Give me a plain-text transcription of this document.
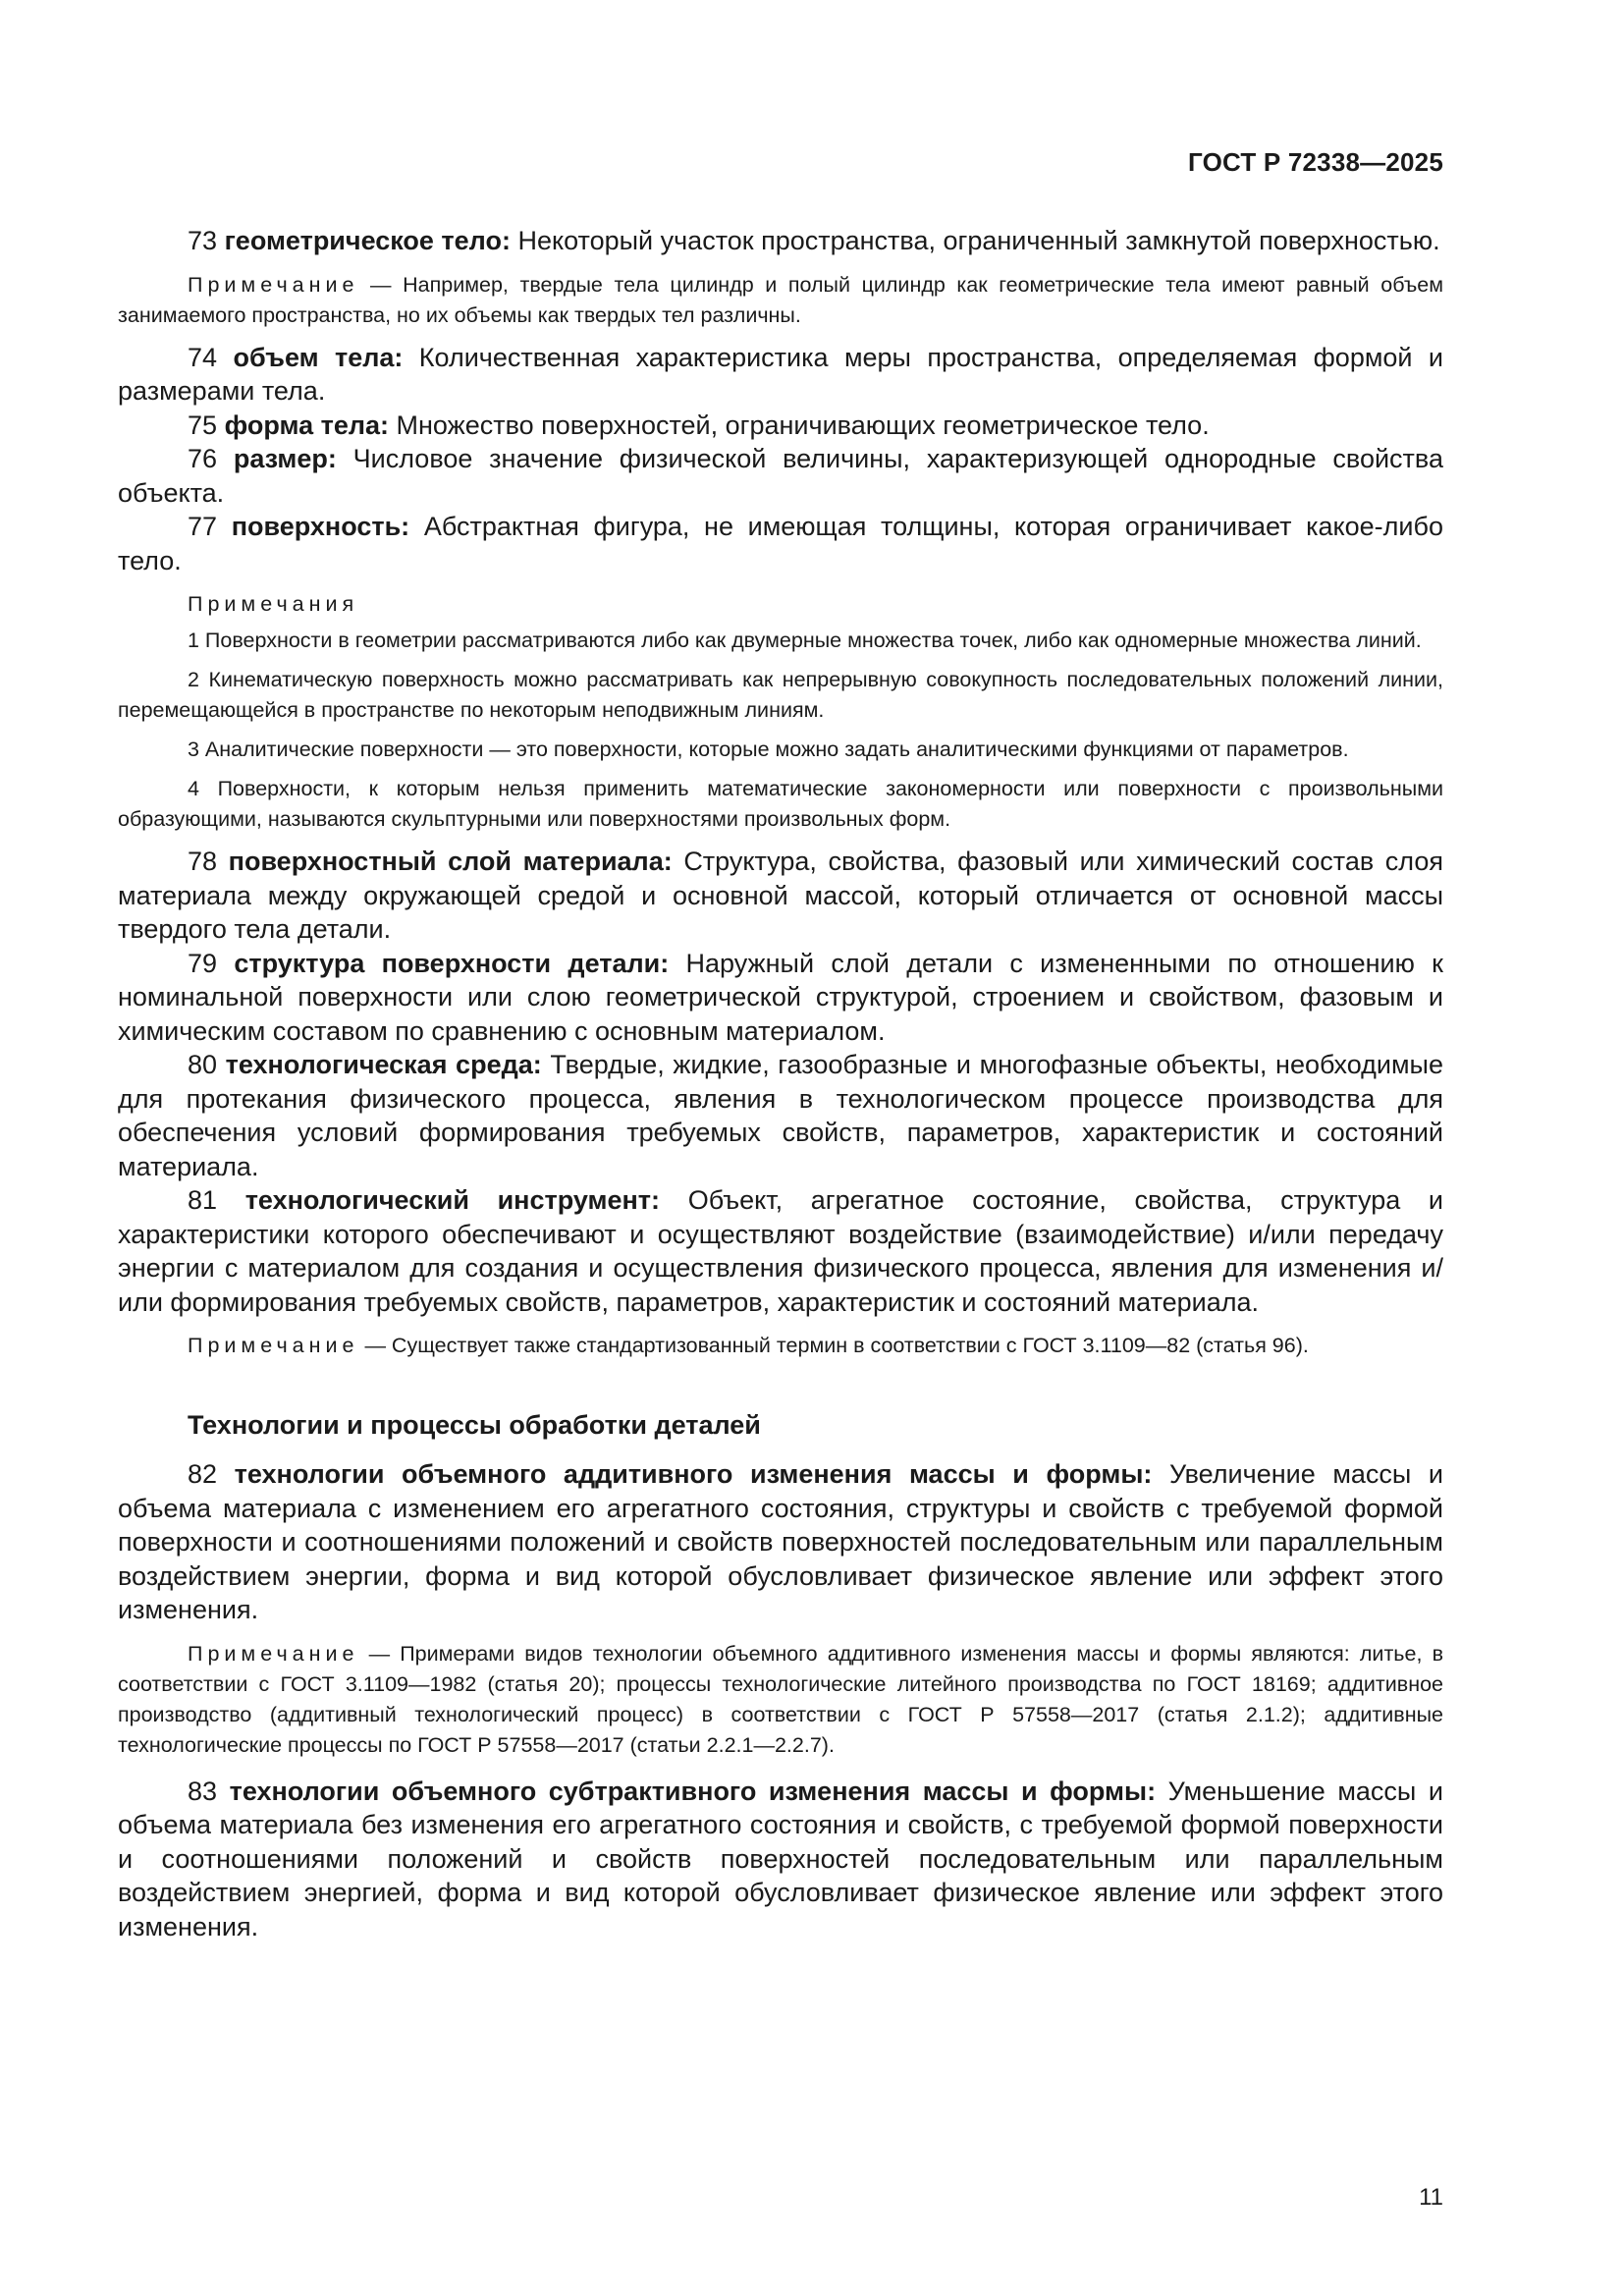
ГОСТ Р 72338—2025

73 геометрическое тело: Некоторый участок пространства, ограниченный замкнутой поверхностью.

Примечание — Например, твердые тела цилиндр и полый цилиндр как геометрические тела имеют равный объем занимаемого пространства, но их объемы как твердых тел различны.

74 объем тела: Количественная характеристика меры пространства, определяемая формой и размерами тела.

75 форма тела: Множество поверхностей, ограничивающих геометрическое тело.

76 размер: Числовое значение физической величины, характеризующей однородные свойства объекта.

77 поверхность: Абстрактная фигура, не имеющая толщины, которая ограничивает какое-либо тело.

Примечания

1 Поверхности в геометрии рассматриваются либо как двумерные множества точек, либо как одномерные множества линий.

2 Кинематическую поверхность можно рассматривать как непрерывную совокупность последовательных положений линии, перемещающейся в пространстве по некоторым неподвижным линиям.

3 Аналитические поверхности — это поверхности, которые можно задать аналитическими функциями от параметров.

4 Поверхности, к которым нельзя применить математические закономерности или поверхности с произвольными образующими, называются скульптурными или поверхностями произвольных форм.

78 поверхностный слой материала: Структура, свойства, фазовый или химический состав слоя материала между окружающей средой и основной массой, который отличается от основной массы твердого тела детали.

79 структура поверхности детали: Наружный слой детали с измененными по отношению к номинальной поверхности или слою геометрической структурой, строением и свойством, фазовым и химическим составом по сравнению с основным материалом.

80 технологическая среда: Твердые, жидкие, газообразные и многофазные объекты, необходимые для протекания физического процесса, явления в технологическом процессе производства для обеспечения условий формирования требуемых свойств, параметров, характеристик и состояний материала.

81 технологический инструмент: Объект, агрегатное состояние, свойства, структура и характеристики которого обеспечивают и осуществляют воздействие (взаимодействие) и/или передачу энергии с материалом для создания и осуществления физического процесса, явления для изменения и/или формирования требуемых свойств, параметров, характеристик и состояний материала.

Примечание — Существует также стандартизованный термин в соответствии с ГОСТ 3.1109—82 (статья 96).

Технологии и процессы обработки деталей

82 технологии объемного аддитивного изменения массы и формы: Увеличение массы и объема материала с изменением его агрегатного состояния, структуры и свойств с требуемой формой поверхности и соотношениями положений и свойств поверхностей последовательным или параллельным воздействием энергии, форма и вид которой обусловливает физическое явление или эффект этого изменения.

Примечание — Примерами видов технологии объемного аддитивного изменения массы и формы являются: литье, в соответствии с ГОСТ 3.1109—1982 (статья 20); процессы технологические литейного производства по ГОСТ 18169; аддитивное производство (аддитивный технологический процесс) в соответствии с ГОСТ Р 57558—2017 (статья 2.1.2); аддитивные технологические процессы по ГОСТ Р 57558—2017 (статьи 2.2.1—2.2.7).

83 технологии объемного субтрактивного изменения массы и формы: Уменьшение массы и объема материала без изменения его агрегатного состояния и свойств, с требуемой формой поверхности и соотношениями положений и свойств поверхностей последовательным или параллельным воздействием энергией, форма и вид которой обусловливает физическое явление или эффект этого изменения.

11
